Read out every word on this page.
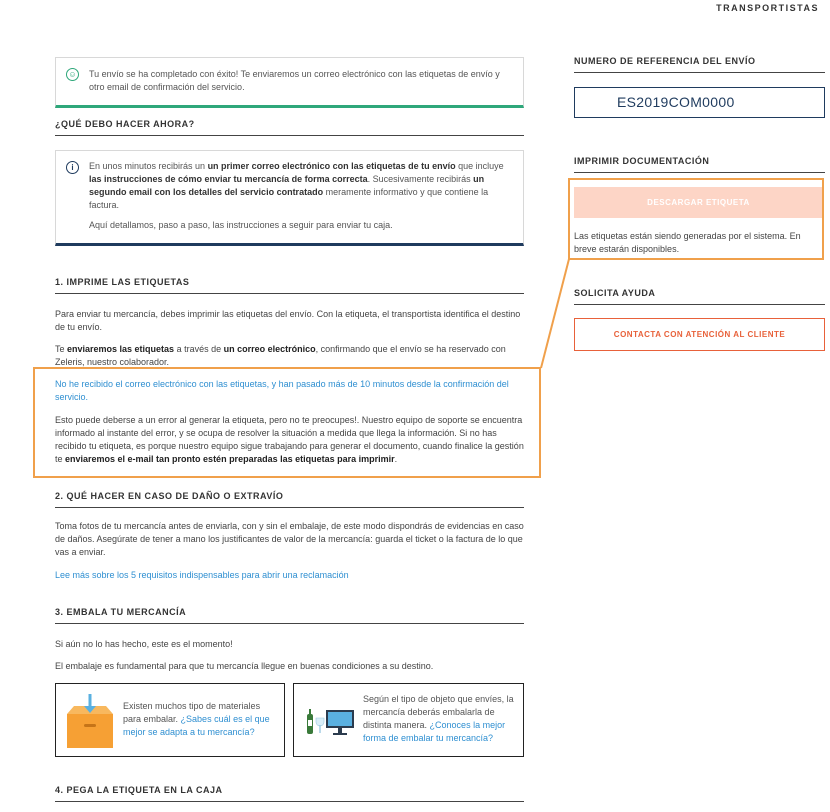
TRANSPORTISTAS
☺ Tu envío se ha completado con éxito! Te enviaremos un correo electrónico con las etiquetas de envío y otro email de confirmación del servicio.
¿QUÉ DEBO HACER AHORA?
i	En unos minutos recibirás un un primer correo electrónico con las etiquetas de tu envío que incluye las instrucciones de cómo enviar tu mercancía de forma correcta. Sucesivamente recibirás un segundo email con los detalles del servicio contratado meramente informativo y que contiene la factura.
Aquí detallamos, paso a paso, las instrucciones a seguir para enviar tu caja.
1. IMPRIME LAS ETIQUETAS
Para enviar tu mercancía, debes imprimir las etiquetas del envío. Con la etiqueta, el transportista identifica el destino de tu envío.
Te enviaremos las etiquetas a través de un correo electrónico, confirmando que el envío se ha reservado con Zeleris, nuestro colaborador.
No he recibido el correo electrónico con las etiquetas, y han pasado más de 10 minutos desde la confirmación del servicio.
Esto puede deberse a un error al generar la etiqueta, pero no te preocupes!. Nuestro equipo de soporte se encuentra informado al instante del error, y se ocupa de resolver la situación a medida que llega la información. Si no has recibido tu etiqueta, es porque nuestro equipo sigue trabajando para generar el documento, cuando finalice la gestión te enviaremos el e-mail tan pronto estén preparadas las etiquetas para imprimir.
2. QUÉ HACER EN CASO DE DAÑO O EXTRAVÍO
Toma fotos de tu mercancía antes de enviarla, con y sin el embalaje, de este modo dispondrás de evidencias en caso de daños. Asegúrate de tener a mano los justificantes de valor de la mercancía: guarda el ticket o la factura de lo que vas a enviar.
Lee más sobre los 5 requisitos indispensables para abrir una reclamación
3. EMBALA TU MERCANCÍA
Si aún no lo has hecho, este es el momento!
El embalaje es fundamental para que tu mercancía llegue en buenas condiciones a su destino.
Existen muchos tipo de materiales para embalar. ¿Sabes cuál es el que mejor se adapta a tu mercancía?
Según el tipo de objeto que envíes, la mercancía deberás embalarla de distinta manera. ¿Conoces la mejor forma de embalar tu mercancía?
4. PEGA LA ETIQUETA EN LA CAJA
NUMERO DE REFERENCIA DEL ENVÍO
ES2019COM0000
IMPRIMIR DOCUMENTACIÓN
DESCARGAR ETIQUETA
Las etiquetas están siendo generadas por el sistema. En breve estarán disponibles.
SOLICITA AYUDA
CONTACTA CON ATENCIÓN AL CLIENTE
